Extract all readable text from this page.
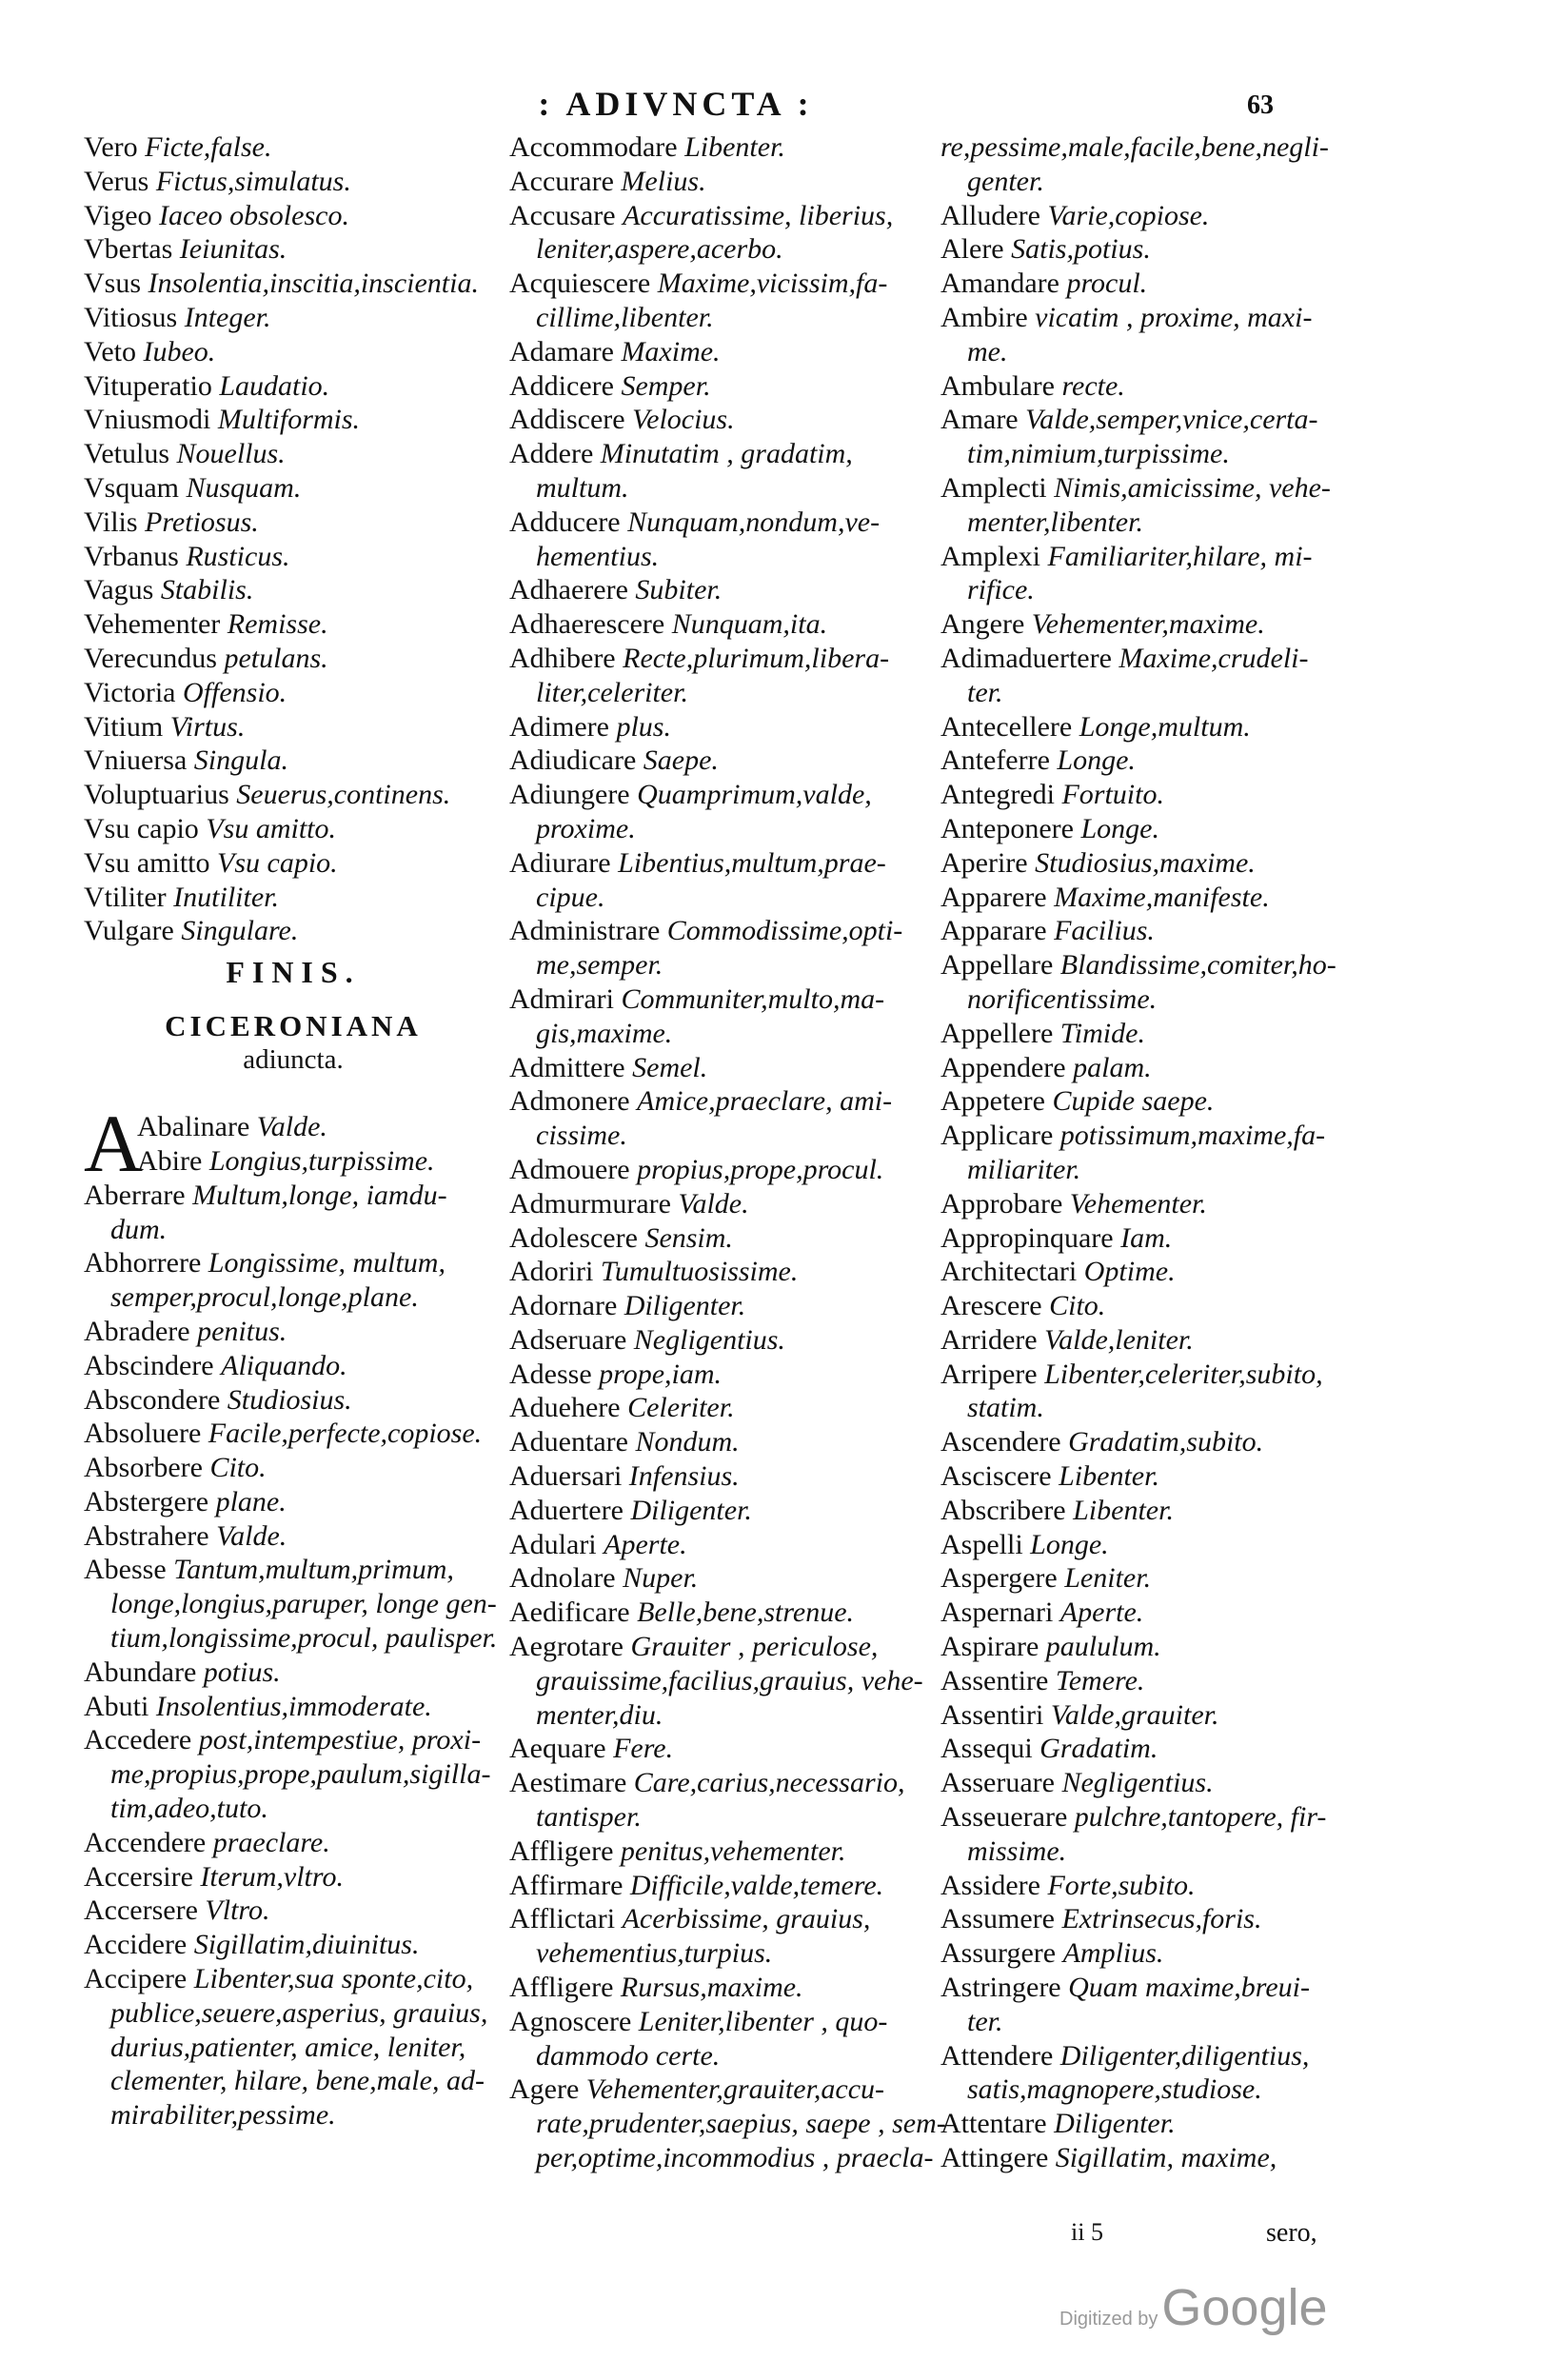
: ADIVNCTA :	63
Vero Ficte,false.
Verus Fictus,simulatus.
Vigeo Iaceo obsolesco.
Vbertas Ieiunitas.
Vsus Insolentia,inscitia,inscientia.
Vitiosus Integer.
Veto Iubeo.
Vituperatio Laudatio.
Vniusmodi Multiformis.
Vetulus Nouellus.
Vsquam Nusquam.
Vilis Pretiosus.
Vrbanus Rusticus.
Vagus Stabilis.
Vehementer Remisse.
Verecundus petulans.
Victoria Offensio.
Vitium Virtus.
Vniuersa Singula.
Voluptuarius Seuerus,continens.
Vsu capio Vsu amitto.
Vsu amitto Vsu capio.
Vtiliter Inutiliter.
Vulgare Singulare.
FINIS.
CICERONIANA
adiuncta.
A
Abalinare Valde.
Abire Longius,turpissime.
Aberrare Multum,longe, iamdu-
dum.
Abhorrere Longissime, multum,
semper,procul,longe,plane.
Abradere penitus.
Abscindere Aliquando.
Abscondere Studiosius.
Absoluere Facile,perfecte,copiose.
Absorbere Cito.
Abstergere plane.
Abstrahere Valde.
Abesse Tantum,multum,primum,
longe,longius,paruper, longe gen-
tium,longissime,procul, paulisper.
Abundare potius.
Abuti Insolentius,immoderate.
Accedere post,intempestiue, proxi-
me,propius,prope,paulum,sigilla-
tim,adeo,tuto.
Accendere praeclare.
Accersire Iterum,vltro.
Accersere Vltro.
Accidere Sigillatim,diuinitus.
Accipere Libenter,sua sponte,cito,
publice,seuere,asperius, grauius,
durius,patienter, amice, leniter,
clementer, hilare, bene,male, ad-
mirabiliter,pessime.
Accommodare Libenter.
Accurare Melius.
Accusare Accuratissime, liberius,
leniter,aspere,acerbo.
Acquiescere Maxime,vicissim,fa-
cillime,libenter.
Adamare Maxime.
Addicere Semper.
Addiscere Velocius.
Addere Minutatim , gradatim,
multum.
Adducere Nunquam,nondum,ve-
hementius.
Adhaerere Subiter.
Adhaerescere Nunquam,ita.
Adhibere Recte,plurimum,libera-
liter,celeriter.
Adimere plus.
Adiudicare Saepe.
Adiungere Quamprimum,valde,
proxime.
Adiurare Libentius,multum,prae-
cipue.
Administrare Commodissime,opti-
me,semper.
Admirari Communiter,multo,ma-
gis,maxime.
Admittere Semel.
Admonere Amice,praeclare, ami-
cissime.
Admouere propius,prope,procul.
Admurmurare Valde.
Adolescere Sensim.
Adoriri Tumultuosissime.
Adornare Diligenter.
Adseruare Negligentius.
Adesse prope,iam.
Aduehere Celeriter.
Aduentare Nondum.
Aduersari Infensius.
Aduertere Diligenter.
Adulari Aperte.
Adnolare Nuper.
Aedificare Belle,bene,strenue.
Aegrotare Grauiter , periculose,
grauissime,facilius,grauius, vehe-
menter,diu.
Aequare Fere.
Aestimare Care,carius,necessario,
tantisper.
Affligere penitus,vehementer.
Affirmare Difficile,valde,temere.
Afflictari Acerbissime, grauius,
vehementius,turpius.
Affligere Rursus,maxime.
Agnoscere Leniter,libenter , quo-
dammodo certe.
Agere Vehementer,grauiter,accu-
rate,prudenter,saepius, saepe , sem-
per,optime,incommodius , praecla-
re,pessime,male,facile,bene,negli-
genter.
Alludere Varie,copiose.
Alere Satis,potius.
Amandare procul.
Ambire vicatim , proxime, maxi-
me.
Ambulare recte.
Amare Valde,semper,vnice,certa-
tim,nimium,turpissime.
Amplecti Nimis,amicissime, vehe-
menter,libenter.
Amplexi Familiariter,hilare, mi-
rifice.
Angere Vehementer,maxime.
Adimaduertere Maxime,crudeli-
ter.
Antecellere Longe,multum.
Anteferre Longe.
Antegredi Fortuito.
Anteponere Longe.
Aperire Studiosius,maxime.
Apparere Maxime,manifeste.
Apparare Facilius.
Appellare Blandissime,comiter,ho-
norificentissime.
Appellere Timide.
Appendere palam.
Appetere Cupide saepe.
Applicare potissimum,maxime,fa-
miliariter.
Approbare Vehementer.
Appropinquare Iam.
Architectari Optime.
Arescere Cito.
Arridere Valde,leniter.
Arripere Libenter,celeriter,subito,
statim.
Ascendere Gradatim,subito.
Asciscere Libenter.
Abscribere Libenter.
Aspelli Longe.
Aspergere Leniter.
Aspernari Aperte.
Aspirare paululum.
Assentire Temere.
Assentiri Valde,grauiter.
Assequi Gradatim.
Asseruare Negligentius.
Asseuerare pulchre,tantopere, fir-
missime.
Assidere Forte,subito.
Assumere Extrinsecus,foris.
Assurgere Amplius.
Astringere Quam maxime,breui-
ter.
Attendere Diligenter,diligentius,
satis,magnopere,studiose.
Attentare Diligenter.
Attingere Sigillatim, maxime,
ii 5	sero,
Digitized by Google
